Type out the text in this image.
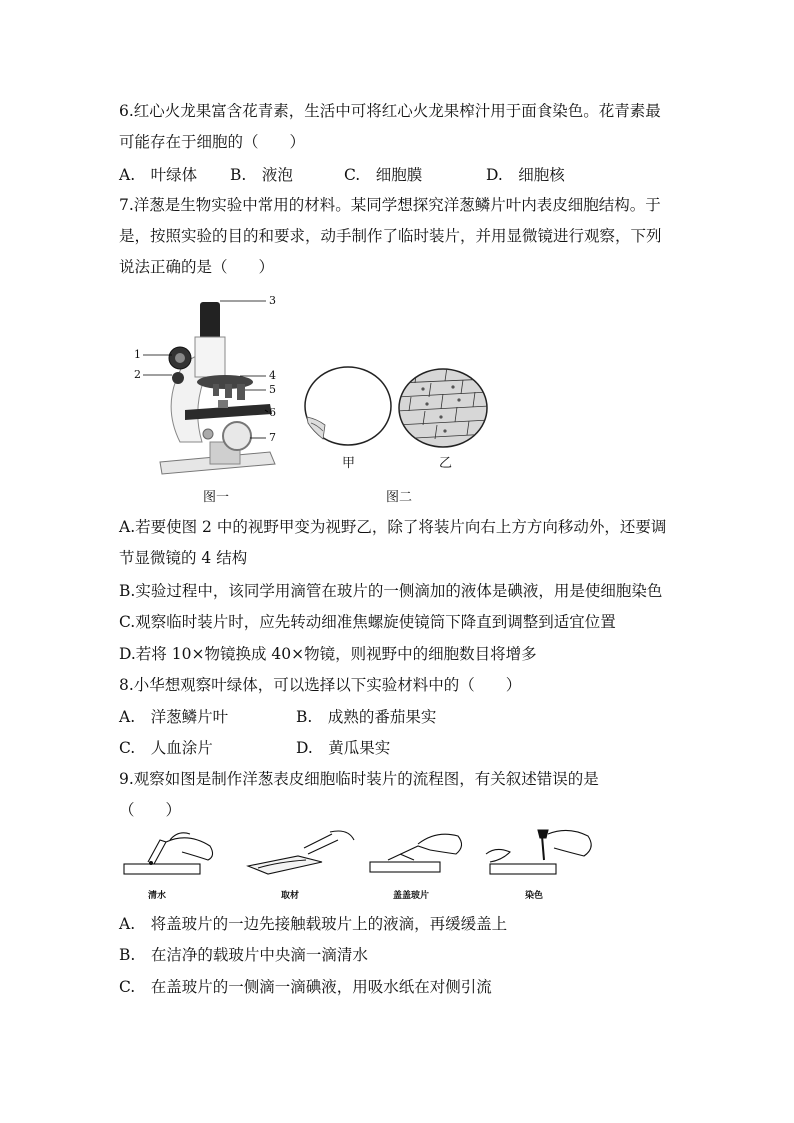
6.红心火龙果富含花青素，生活中可将红心火龙果榨汁用于面食染色。花青素最
可能存在于细胞的（　　）
A.　叶绿体 B.　液泡	C.　细胞膜	D.　细胞核
7.洋葱是生物实验中常用的材料。某同学想探究洋葱鳞片叶内表皮细胞结构。于
是，按照实验的目的和要求，动手制作了临时装片，并用显微镜进行观察，下列
说法正确的是（　　）
3
1
2	4
5
6
7
图一
甲	乙
图二
A.若要使图 2 中的视野甲变为视野乙，除了将装片向右上方方向移动外，还要调
节显微镜的 4 结构
B.实验过程中，该同学用滴管在玻片的一侧滴加的液体是碘液，用是使细胞染色
C.观察临时装片时，应先转动细准焦螺旋使镜筒下降直到调整到适宜位置
D.若将 10×物镜换成 40×物镜，则视野中的细胞数目将增多
8.小华想观察叶绿体，可以选择以下实验材料中的（　　）
A.　洋葱鳞片叶	B.　成熟的番茄果实
C.　人血涂片	D.　黄瓜果实
9.观察如图是制作洋葱表皮细胞临时装片的流程图，有关叙述错误的是
（　　）
清水	取材	盖盖玻片	染色
A.　将盖玻片的一边先接触载玻片上的液滴，再缓缓盖上
B.　在洁净的载玻片中央滴一滴清水
C.　在盖玻片的一侧滴一滴碘液，用吸水纸在对侧引流
